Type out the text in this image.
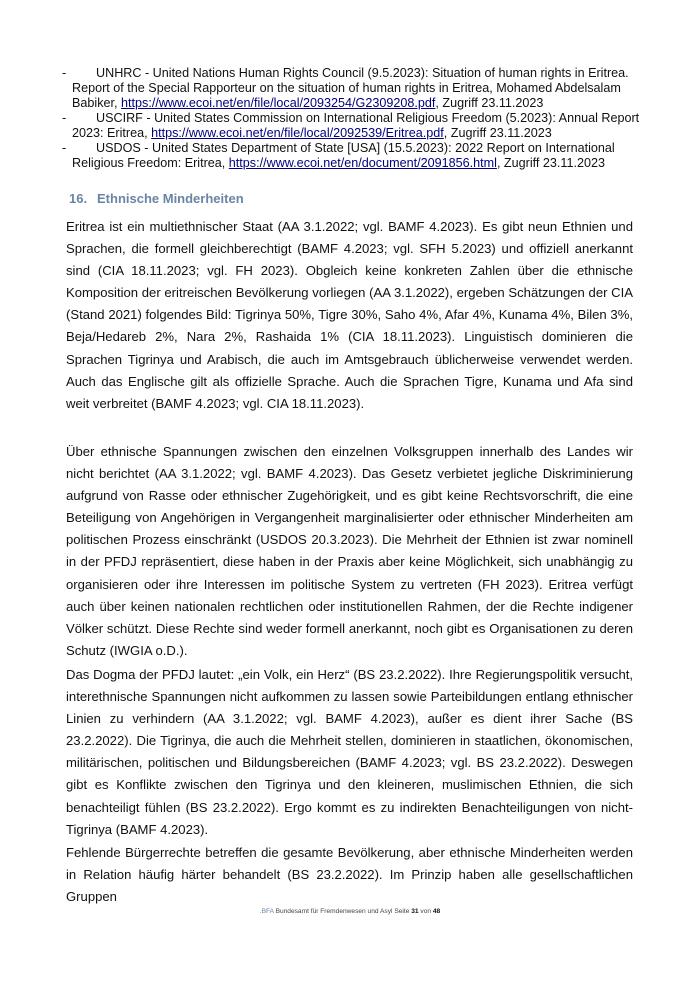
-	UNHRC - United Nations Human Rights Council (9.5.2023): Situation of human rights in Eritrea. Report of the Special Rapporteur on the situation of human rights in Eritrea, Mohamed Abdelsalam Babiker, https://www.ecoi.net/en/file/local/2093254/G2309208.pdf, Zugriff 23.11.2023
-	USCIRF - United States Commission on International Religious Freedom (5.2023): Annual Report 2023: Eritrea, https://www.ecoi.net/en/file/local/2092539/Eritrea.pdf, Zugriff 23.11.2023
-	USDOS - United States Department of State [USA] (15.5.2023): 2022 Report on International Religious Freedom: Eritrea, https://www.ecoi.net/en/document/2091856.html, Zugriff 23.11.2023
16. Ethnische Minderheiten

Eritrea ist ein multiethnischer Staat (AA 3.1.2022; vgl. BAMF 4.2023). Es gibt neun Ethnien und Sprachen, die formell gleichberechtigt (BAMF 4.2023; vgl. SFH 5.2023) und offiziell anerkannt sind (CIA 18.11.2023; vgl. FH 2023). Obgleich keine konkreten Zahlen über die ethnische Komposition der eritreischen Bevölkerung vorliegen (AA 3.1.2022), ergeben Schätzungen der CIA (Stand 2021) folgendes Bild: Tigrinya 50%, Tigre 30%, Saho 4%, Afar 4%, Kunama 4%, Bilen 3%, Beja/Hedareb 2%, Nara 2%, Rashaida 1% (CIA 18.11.2023). Linguistisch dominieren die Sprachen Tigrinya und Arabisch, die auch im Amtsgebrauch üblicherweise verwendet werden. Auch das Englische gilt als offizielle Sprache. Auch die Sprachen Tigre, Kunama und Afa sind weit verbreitet (BAMF 4.2023; vgl. CIA 18.11.2023).

Über ethnische Spannungen zwischen den einzelnen Volksgruppen innerhalb des Landes wir nicht berichtet (AA 3.1.2022; vgl. BAMF 4.2023). Das Gesetz verbietet jegliche Diskriminierung aufgrund von Rasse oder ethnischer Zugehörigkeit, und es gibt keine Rechtsvorschrift, die eine Beteiligung von Angehörigen in Vergangenheit marginalisierter oder ethnischer Minderheiten am politischen Prozess einschränkt (USDOS 20.3.2023). Die Mehrheit der Ethnien ist zwar nominell in der PFDJ repräsentiert, diese haben in der Praxis aber keine Möglichkeit, sich unabhängig zu organisieren oder ihre Interessen im politische System zu vertreten (FH 2023). Eritrea verfügt auch über keinen nationalen rechtlichen oder institutionellen Rahmen, der die Rechte indigener Völker schützt. Diese Rechte sind weder formell anerkannt, noch gibt es Organisationen zu deren Schutz (IWGIA o.D.).

Das Dogma der PFDJ lautet: „ein Volk, ein Herz“ (BS 23.2.2022). Ihre Regierungspolitik versucht, interethnische Spannungen nicht aufkommen zu lassen sowie Parteibildungen entlang ethnischer Linien zu verhindern (AA 3.1.2022; vgl. BAMF 4.2023), außer es dient ihrer Sache (BS 23.2.2022). Die Tigrinya, die auch die Mehrheit stellen, dominieren in staatlichen, ökonomischen, militärischen, politischen und Bildungsbereichen (BAMF 4.2023; vgl. BS 23.2.2022). Deswegen gibt es Konflikte zwischen den Tigrinya und den kleineren, muslimischen Ethnien, die sich benachteiligt fühlen (BS 23.2.2022). Ergo kommt es zu indirekten Benachteiligungen von nicht-Tigrinya (BAMF 4.2023).

Fehlende Bürgerrechte betreffen die gesamte Bevölkerung, aber ethnische Minderheiten werden in Relation häufig härter behandelt (BS 23.2.2022). Im Prinzip haben alle gesellschaftlichen Gruppen

.BFA Bundesamt für Fremdenwesen und Asyl Seite 31 von 48
